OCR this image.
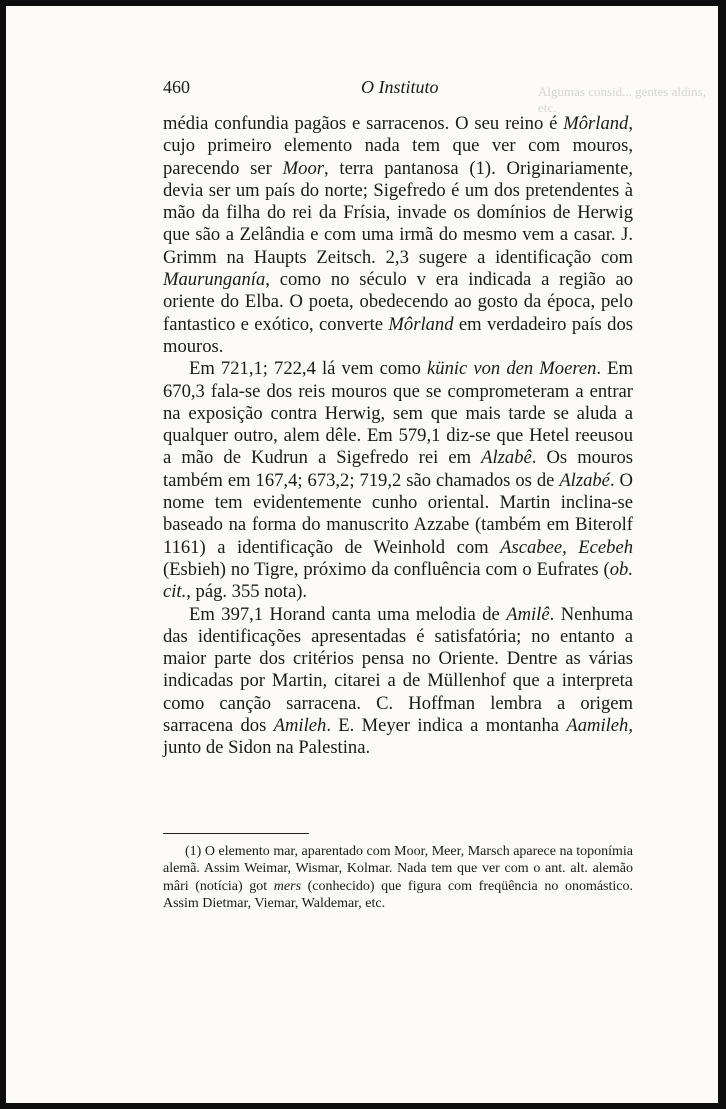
460	O Instituto	Algumas consid... gentes aldins, etc.

média confundia pagãos e sarracenos. O seu reino é Môrland, cujo primeiro elemento nada tem que ver com mouros, parecendo ser Moor, terra pantanosa (1). Originariamente, devia ser um país do norte; Sigefredo é um dos pretendentes à mão da filha do rei da Frísia, invade os domínios de Herwig que são a Zelândia e com uma irmã do mesmo vem a casar. J. Grimm na Haupts Zeitsch. 2,3 sugere a identificação com Maurunganía, como no século v era indicada a região ao oriente do Elba. O poeta, obedecendo ao gosto da época, pelo fantastico e exótico, converte Môrland em verdadeiro país dos mouros.

Em 721,1; 722,4 lá vem como künic von den Moeren. Em 670,3 fala-se dos reis mouros que se comprometeram a entrar na exposição contra Herwig, sem que mais tarde se aluda a qualquer outro, alem dêle. Em 579,1 diz-se que Hetel reeusou a mão de Kudrun a Sigefredo rei em Alzabê. Os mouros também em 167,4; 673,2; 719,2 são chamados os de Alzabé. O nome tem evidentemente cunho oriental. Martin inclina-se baseado na forma do manuscrito Azzabe (também em Biterolf 1161) a identificação de Weinhold com Ascabee, Ecebeh (Esbieh) no Tigre, próximo da confluência com o Eufrates (ob. cit., pág. 355 nota).

Em 397,1 Horand canta uma melodia de Amilê. Nenhuma das identificações apresentadas é satisfatória; no entanto a maior parte dos critérios pensa no Oriente. Dentre as várias indicadas por Martin, citarei a de Müllenhof que a interpreta como canção sarracena. C. Hoffman lembra a origem sarracena dos Amileh. E. Meyer indica a montanha Aamileh, junto de Sidon na Palestina.

(1) O elemento mar, aparentado com Moor, Meer, Marsch aparece na toponímia alemã. Assim Weimar, Wismar, Kolmar. Nada tem que ver com o ant. alt. alemão mâri (notícia) got mers (conhecido) que figura com freqüência no onomástico. Assim Dietmar, Viemar, Waldemar, etc.
